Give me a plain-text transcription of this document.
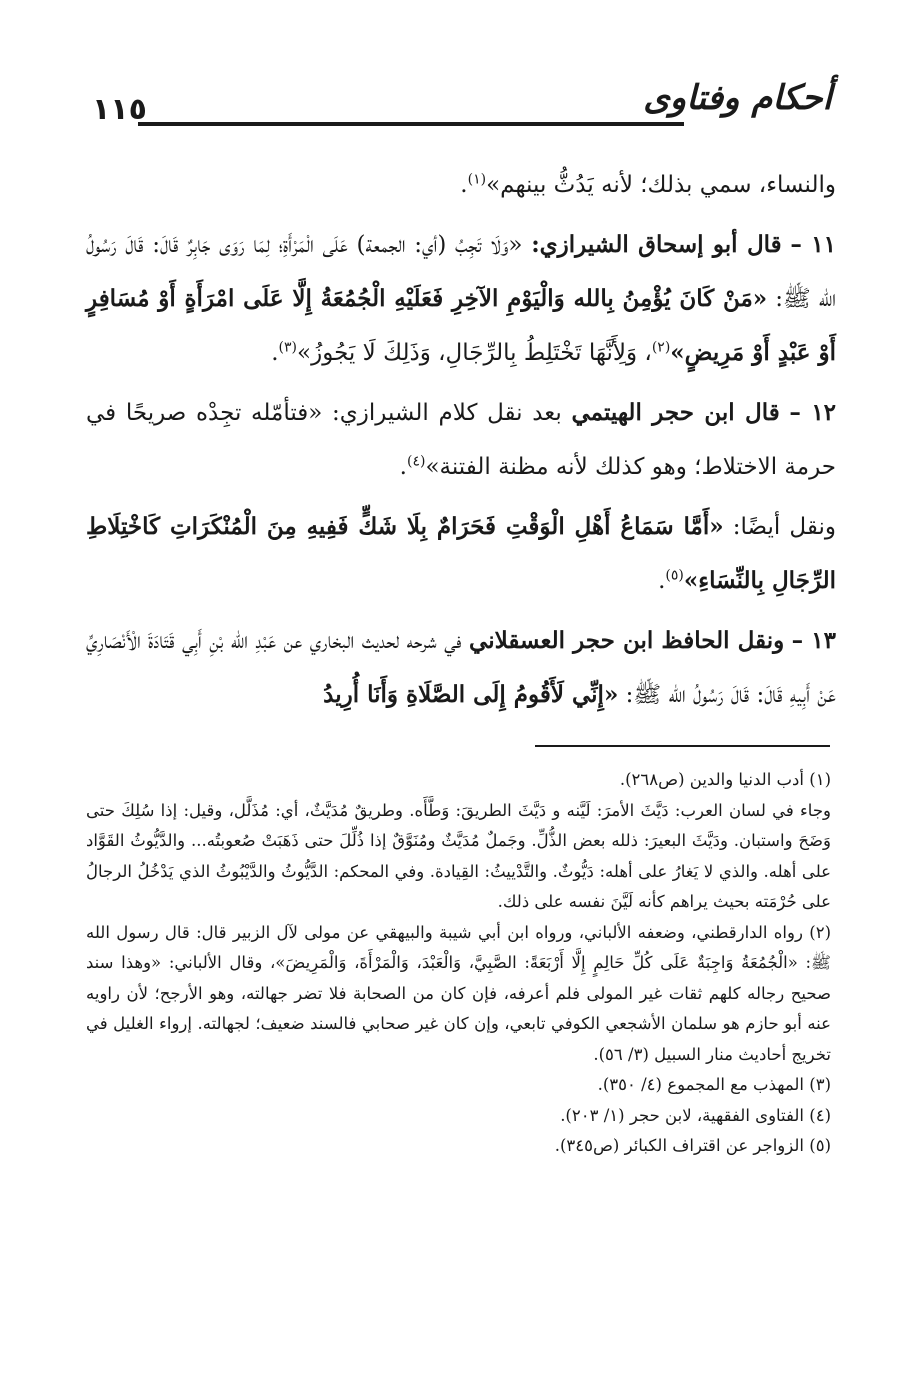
أحكام وفتاوى
١١٥

والنساء، سمي بذلك؛ لأنه يَدُثُّ بينهم»$^{(١)}$.

١١ – قال أبو إسحاق الشيرازي: «وَلَا تَجِبُ (أي: الجمعة) عَلَى الْمَرْأَةِ؛ لِمَا رَوَى جَابِرٌ قَالَ: قَالَ رَسُولُ الله ﷺ: «مَنْ كَانَ يُؤْمِنُ بِالله وَالْيَوْمِ الآخِرِ فَعَلَيْهِ الْجُمُعَةُ إِلَّا عَلَى امْرَأَةٍ أَوْ مُسَافِرٍ أَوْ عَبْدٍ أَوْ مَرِيضٍ»$^{(٢)}$، وَلِأَنَّهَا تَخْتَلِطُ بِالرِّجَالِ، وَذَلِكَ لَا يَجُوزُ»$^{(٣)}$.

١٢ – قال ابن حجر الهيتمي بعد نقل كلام الشيرازي: «فتأمّله تجِدْه صريحًا في حرمة الاختلاط؛ وهو كذلك لأنه مظنة الفتنة»$^{(٤)}$.

ونقل أيضًا: «أَمَّا سَمَاعُ أَهْلِ الْوَقْتِ فَحَرَامٌ بِلَا شَكٍّ فَفِيهِ مِنَ الْمُنْكَرَاتِ كَاخْتِلَاطِ الرِّجَالِ بِالنِّسَاءِ»$^{(٥)}$.

١٣ – ونقل الحافظ ابن حجر العسقلاني في شرحه لحديث البخاري عن عَبْدِ الله بْنِ أَبِي قَتَادَةَ الْأَنْصَارِيِّ عَنْ أَبِيهِ قَالَ: قَالَ رَسُولُ الله ﷺ: «إِنِّي لَأَقُومُ إِلَى الصَّلَاةِ وَأَنَا أُرِيدُ

(١) أدب الدنيا والدين (ص٢٦٨).

وجاء في لسان العرب: دَيَّثَ الأمرَ: لَيَّنه و دَيَّثَ الطريقَ: وَطَّأَه. وطريقٌ مُدَيَّثٌ، أي: مُذَلَّل، وقيل: إذا سُلِكَ حتى وَضَحَ واستبان. ودَيَّثَ البعيرَ: ذلله بعض الذُّلِّ. وجَملٌ مُدَيَّثٌ ومُنَوَّقٌ إذا ذُلِّلَ حتى ذَهَبَتْ صُعوبتُه... والدَّيُّوثُ القَوَّاد على أهله. والذي لا يَغارُ على أهله: دَيُّوثٌ. والتَّدْييثُ: القِيادة. وفي المحكم: الدَّيُّوثُ والدَّيْبُوثُ الذي يَدْخُلُ الرجالُ على حُرْمَته بحيث يراهم كأنه لَيَّنَ نفسه على ذلك.

(٢) رواه الدارقطني، وضعفه الألباني، ورواه ابن أبي شيبة والبيهقي عن مولى لآل الزبير قال: قال رسول الله ﷺ: «الْجُمُعَةُ وَاجِبَةٌ عَلَى كُلِّ حَالِمٍ إِلَّا أَرْبَعَةً: الصَّبِيَّ، وَالْعَبْدَ، وَالْمَرْأَةَ، وَالْمَرِيضَ»، وقال الألباني: «وهذا سند صحيح رجاله كلهم ثقات غير المولى فلم أعرفه، فإن كان من الصحابة فلا تضر جهالته، وهو الأرجح؛ لأن راويه عنه أبو حازم هو سلمان الأشجعي الكوفي تابعي، وإن كان غير صحابي فالسند ضعيف؛ لجهالته. إرواء الغليل في تخريج أحاديث منار السبيل (٣/ ٥٦).

(٣) المهذب مع المجموع (٤/ ٣٥٠).

(٤) الفتاوى الفقهية، لابن حجر (١/ ٢٠٣).

(٥) الزواجر عن اقتراف الكبائر (ص٣٤٥).
